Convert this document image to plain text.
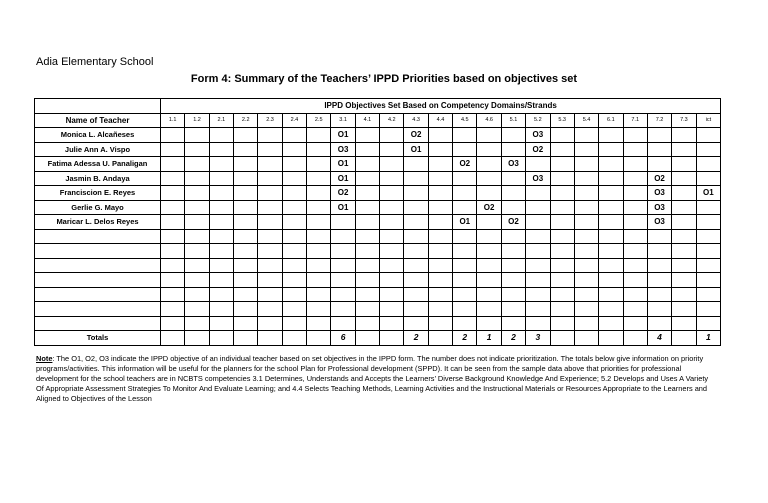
Adia Elementary School
Form 4: Summary of the Teachers’ IPPD Priorities based on objectives set
	IPPD Objectives Set Based on Competency Domains/Strands																						
Name of Teacher	1.1	1.2	2.1	2.2	2.3	2.4	2.5	3.1	4.1	4.2	4.3	4.4	4.5	4.6	5.1	5.2	5.3	5.4	6.1	7.1	7.2	7.3	ict
Monica L. Alcañeses								O1			O2					O3							
Julie Ann A. Vispo								O3			O1					O2							
Fatima Adessa U. Panaligan								O1					O2		O3								
Jasmin B. Andaya								O1								O3					O2		
Franciscion E. Reyes								O2													O3		O1
Gerlie G. Mayo								O1						O2							O3		
Maricar L. Delos Reyes													O1		O2						O3		

Totals								6			2		2	1	2	3					4		1
Note: The O1, O2, O3 indicate the IPPD objective of an individual teacher based on set objectives in the IPPD form. The number does not indicate prioritization. The totals below give information on priority programs/activities. This information will be useful for the planners for the school Plan for Professional development (SPPD). It can be seen from the sample data above that priorities for professional development for the school teachers are in NCBTS competencies 3.1 Determines, Understands and Accepts the Learners’ Diverse Background Knowledge And Experience; 5.2 Develops and Uses A Variety Of Appropriate Assessment Strategies To Monitor And Evaluate Learning; and 4.4 Selects Teaching Methods, Learning Activities and the Instructional Materials or Resources Appropriate to the Learners and Aligned to Objectives of the Lesson
